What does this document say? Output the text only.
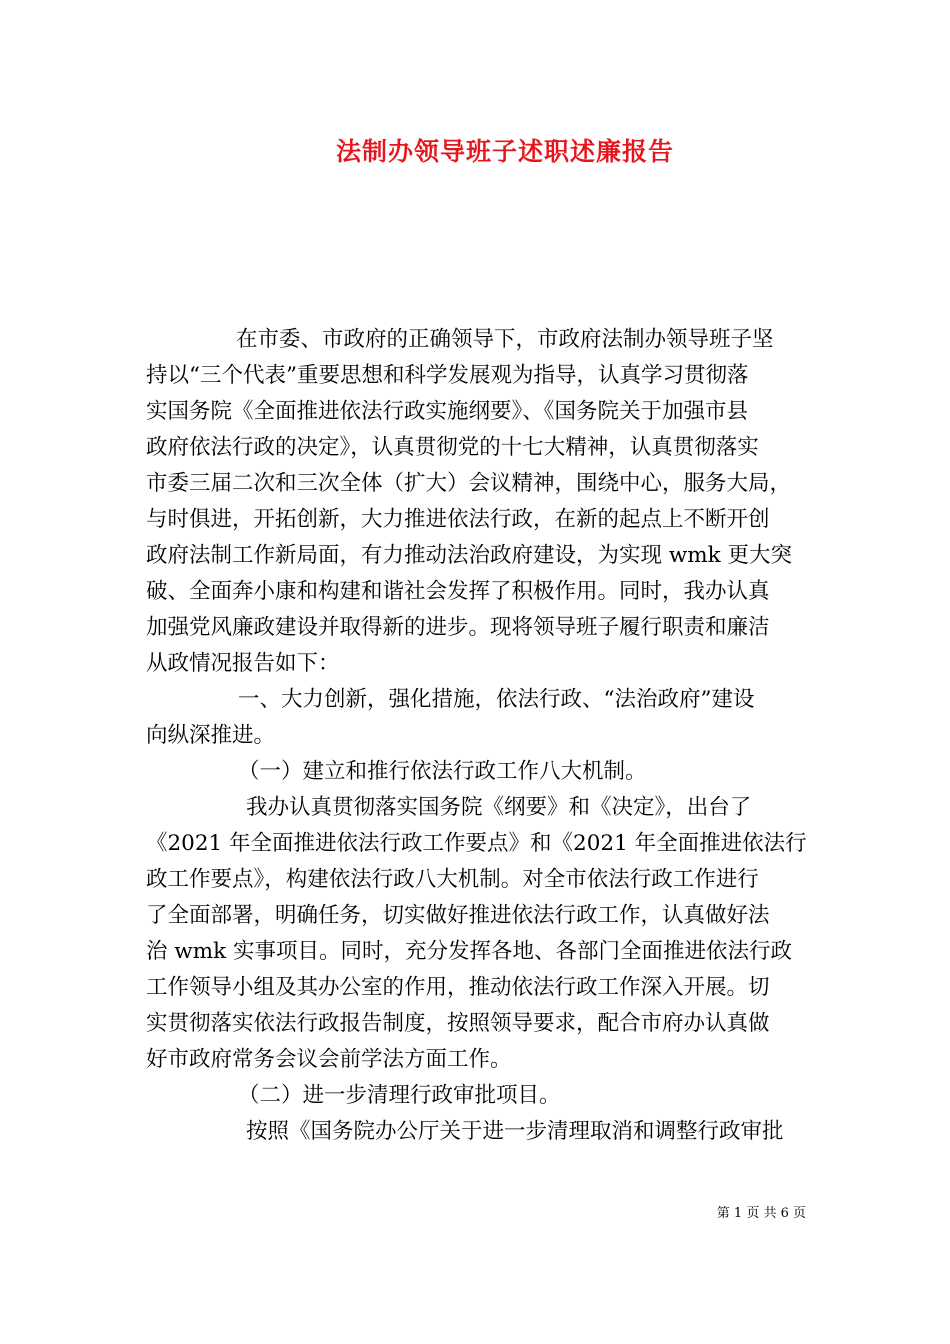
法制办领导班子述职述廉报告
在市委、市政府的正确领导下，市政府法制办领导班子坚
持以“三个代表”重要思想和科学发展观为指导，认真学习贯彻落
实国务院《全面推进依法行政实施纲要》、《国务院关于加强市县
政府依法行政的决定》，认真贯彻党的十七大精神，认真贯彻落实
市委三届二次和三次全体（扩大）会议精神，围绕中心，服务大局，
与时俱进，开拓创新，大力推进依法行政，在新的起点上不断开创
政府法制工作新局面，有力推动法治政府建设，为实现 wmk 更大突
破、全面奔小康和构建和谐社会发挥了积极作用。同时，我办认真
加强党风廉政建设并取得新的进步。现将领导班子履行职责和廉洁
从政情况报告如下：
一、大力创新，强化措施，依法行政、“法治政府”建设
向纵深推进。
（一）建立和推行依法行政工作八大机制。
我办认真贯彻落实国务院《纲要》和《决定》，出台了
《2021 年全面推进依法行政工作要点》和《2021 年全面推进依法行
政工作要点》，构建依法行政八大机制。对全市依法行政工作进行
了全面部署，明确任务，切实做好推进依法行政工作，认真做好法
治 wmk 实事项目。同时，充分发挥各地、各部门全面推进依法行政
工作领导小组及其办公室的作用，推动依法行政工作深入开展。切
实贯彻落实依法行政报告制度，按照领导要求，配合市府办认真做
好市政府常务会议会前学法方面工作。
（二）进一步清理行政审批项目。
按照《国务院办公厅关于进一步清理取消和调整行政审批
第 1 页 共 6 页
